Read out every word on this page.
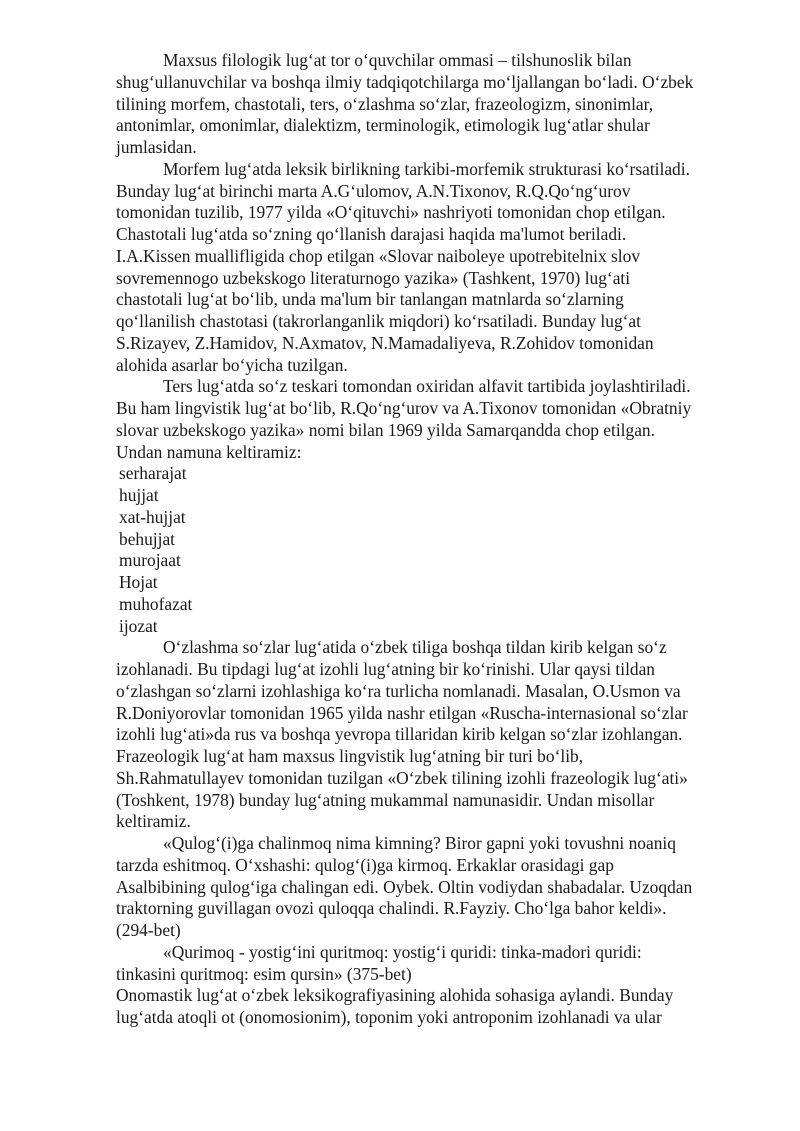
Maxsus filologik lug‘at tor o‘quvchilar ommasi – tilshunoslik bilan
shug‘ullanuvchilar va boshqa ilmiy tadqiqotchilarga mo‘ljallangan bo‘ladi. O‘zbek
tilining morfem, chastotali, ters, o‘zlashma so‘zlar, frazeologizm, sinonimlar,
antonimlar, omonimlar, dialektizm, terminologik, etimologik lug‘atlar shular
jumlasidan.

Morfem lug‘atda leksik birlikning tarkibi-morfemik strukturasi ko‘rsatiladi.
Bunday lug‘at birinchi marta A.G‘ulomov, A.N.Tixonov, R.Q.Qo‘ng‘urov
tomonidan tuzilib, 1977 yilda «O‘qituvchi» nashriyoti tomonidan chop etilgan.
Chastotali lug‘atda so‘zning qo‘llanish darajasi haqida ma'lumot beriladi.
I.A.Kissen muallifligida chop etilgan «Slovar naiboleye upotrebitelnix slov
sovremennogo uzbekskogo literaturnogo yazika» (Tashkent, 1970) lug‘ati
chastotali lug‘at bo‘lib, unda ma'lum bir tanlangan matnlarda so‘zlarning
qo‘llanilish chastotasi (takrorlanganlik miqdori) ko‘rsatiladi. Bunday lug‘at
S.Rizayev, Z.Hamidov, N.Axmatov, N.Mamadaliyeva, R.Zohidov tomonidan
alohida asarlar bo‘yicha tuzilgan.

Ters lug‘atda so‘z teskari tomondan oxiridan alfavit tartibida joylashtiriladi.
Bu ham lingvistik lug‘at bo‘lib, R.Qo‘ng‘urov va A.Tixonov tomonidan «Obratniy
slovar uzbekskogo yazika» nomi bilan 1969 yilda Samarqandda chop etilgan.
Undan namuna keltiramiz:

serharajat
hujjat
xat-hujjat
behujjat
murojaat
Hojat
muhofazat
ijozat

O‘zlashma so‘zlar lug‘atida o‘zbek tiliga boshqa tildan kirib kelgan so‘z
izohlanadi. Bu tipdagi lug‘at izohli lug‘atning bir ko‘rinishi. Ular qaysi tildan
o‘zlashgan so‘zlarni izohlashiga ko‘ra turlicha nomlanadi. Masalan, O.Usmon va
R.Doniyorovlar tomonidan 1965 yilda nashr etilgan «Ruscha-internasional so‘zlar
izohli lug‘ati»da rus va boshqa yevropa tillaridan kirib kelgan so‘zlar izohlangan.
Frazeologik lug‘at ham maxsus lingvistik lug‘atning bir turi bo‘lib,
Sh.Rahmatullayev tomonidan tuzilgan «O‘zbek tilining izohli frazeologik lug‘ati»
(Toshkent, 1978) bunday lug‘atning mukammal namunasidir. Undan misollar
keltiramiz.

«Qulog‘(i)ga chalinmoq nima kimning? Biror gapni yoki tovushni noaniq
tarzda eshitmoq. O‘xshashi: qulog‘(i)ga kirmoq. Erkaklar orasidagi gap
Asalbibining qulog‘iga chalingan edi. Oybek. Oltin vodiydan shabadalar. Uzoqdan
traktorning guvillagan ovozi quloqqa chalindi. R.Fayziy. Cho‘lga bahor keldi».
(294-bet)

«Qurimoq - yostig‘ini quritmoq: yostig‘i quridi: tinka-madori quridi:
tinkasini quritmoq: esim qursin» (375-bet)

Onomastik lug‘at o‘zbek leksikografiyasining alohida sohasiga aylandi. Bunday
lug‘atda atoqli ot (onomosionim), toponim yoki antroponim izohlanadi va ular
